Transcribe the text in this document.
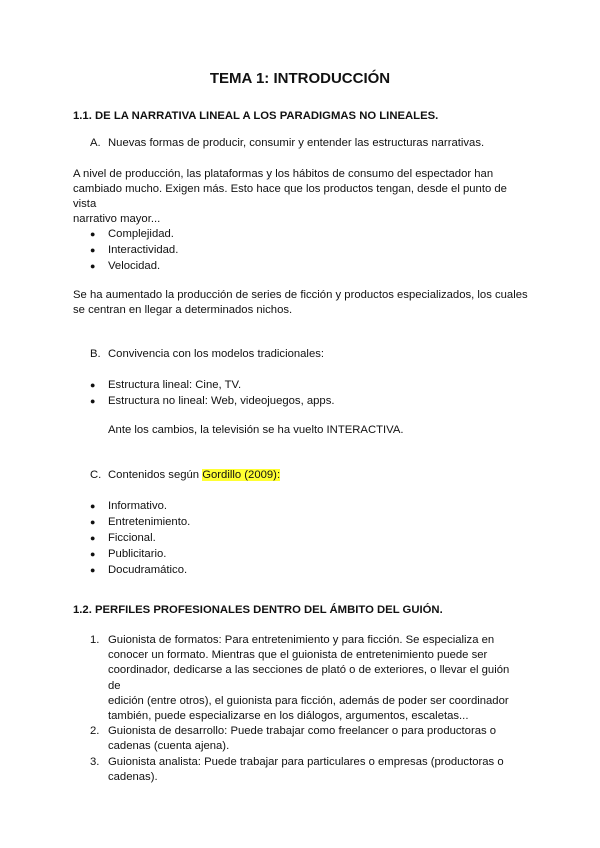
TEMA 1: INTRODUCCIÓN
1.1. DE LA NARRATIVA LINEAL A LOS PARADIGMAS NO LINEALES.
A. Nuevas formas de producir, consumir y entender las estructuras narrativas.
A nivel de producción, las plataformas y los hábitos de consumo del espectador han
cambiado mucho. Exigen más. Esto hace que los productos tengan, desde el punto de vista
narrativo mayor...
● Complejidad.
● Interactividad.
● Velocidad.
Se ha aumentado la producción de series de ficción y productos especializados, los cuales
se centran en llegar a determinados nichos.
B. Convivencia con los modelos tradicionales:
● Estructura lineal: Cine, TV.
● Estructura no lineal: Web, videojuegos, apps.
Ante los cambios, la televisión se ha vuelto INTERACTIVA.
C. Contenidos según Gordillo (2009):
● Informativo.
● Entretenimiento.
● Ficcional.
● Publicitario.
● Docudramático.
1.2. PERFILES PROFESIONALES DENTRO DEL ÁMBITO DEL GUIÓN.
1. Guionista de formatos: Para entretenimiento y para ficción. Se especializa en
conocer un formato. Mientras que el guionista de entretenimiento puede ser
coordinador, dedicarse a las secciones de plató o de exteriores, o llevar el guión de
edición (entre otros), el guionista para ficción, además de poder ser coordinador
también, puede especializarse en los diálogos, argumentos, escaletas...
2. Guionista de desarrollo: Puede trabajar como freelancer o para productoras o
cadenas (cuenta ajena).
3. Guionista analista: Puede trabajar para particulares o empresas (productoras o
cadenas).
